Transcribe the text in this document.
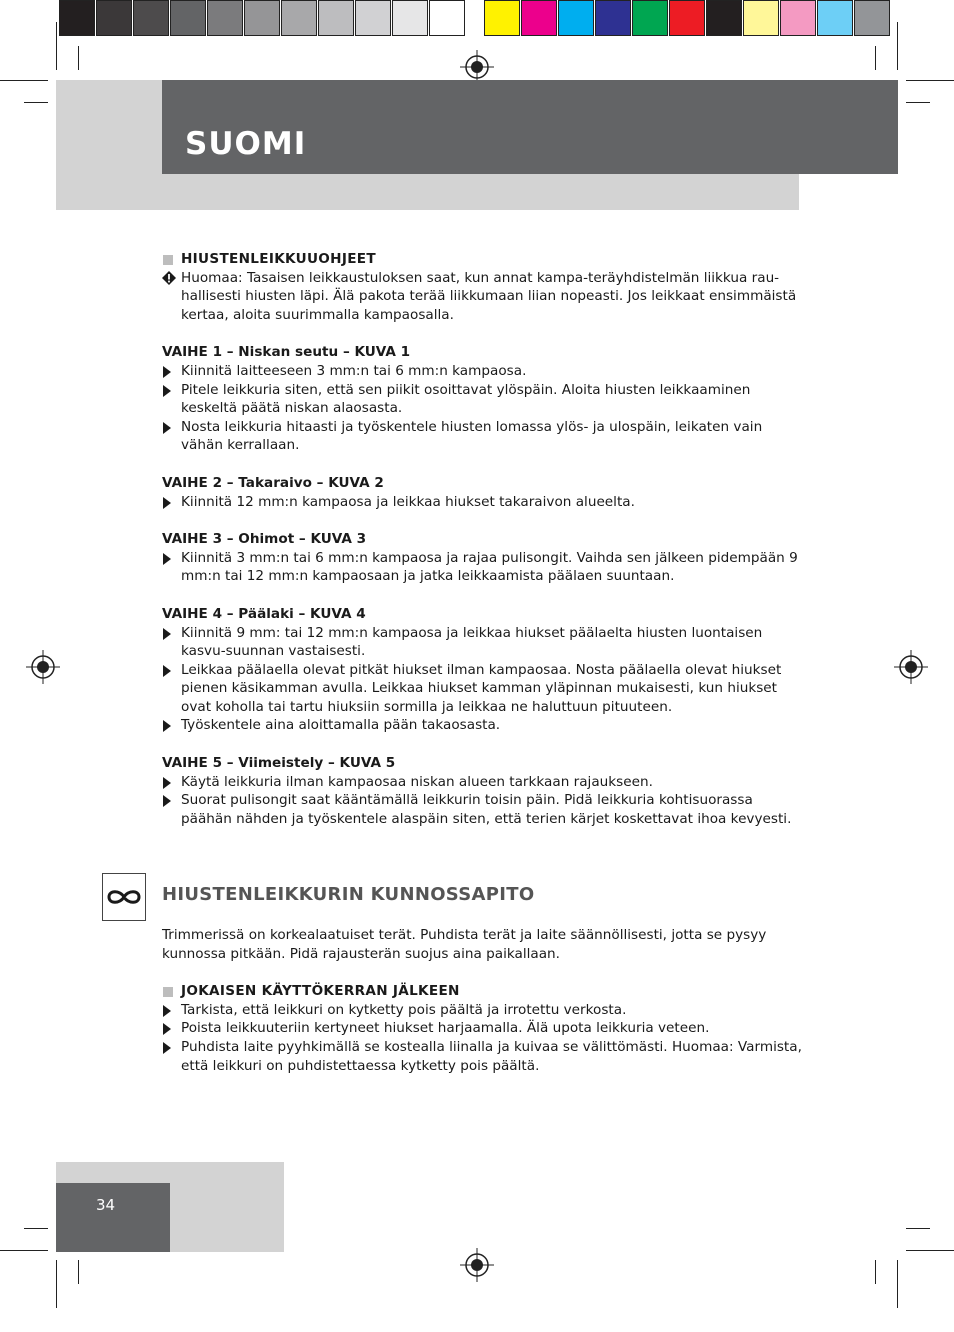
SUOMI
HIUSTENLEIKKUUOHJEET
Huomaa: Tasaisen leikkaustuloksen saat, kun annat kampa-teräyhdistelmän liikkua rau-hallisesti hiusten läpi. Älä pakota terää liikkumaan liian nopeasti. Jos leikkaat ensimmäistä kertaa, aloita suurimmalla kampaosalla.
VAIHE 1 – Niskan seutu – KUVA 1
Kiinnitä laitteeseen 3 mm:n tai 6 mm:n kampaosa.
Pitele leikkuria siten, että sen piikit osoittavat ylöspäin. Aloita hiusten leikkaaminen keskeltä päätä niskan alaosasta.
Nosta leikkuria hitaasti ja työskentele hiusten lomassa ylös- ja ulospäin, leikaten vain vähän kerrallaan.
VAIHE 2 – Takaraivo – KUVA 2
Kiinnitä 12 mm:n kampaosa ja leikkaa hiukset takaraivon alueelta.
VAIHE 3 – Ohimot – KUVA 3
Kiinnitä 3 mm:n tai 6 mm:n kampaosa ja rajaa pulisongit. Vaihda sen jälkeen pidempään 9 mm:n tai 12 mm:n kampaosaan ja jatka leikkaamista päälaen suuntaan.
VAIHE 4 – Päälaki – KUVA 4
Kiinnitä 9 mm: tai 12 mm:n kampaosa ja leikkaa hiukset päälaelta hiusten luontaisen kasvu-suunnan vastaisesti.
Leikkaa päälaella olevat pitkät hiukset ilman kampaosaa. Nosta päälaella olevat hiukset pienen käsikamman avulla. Leikkaa hiukset kamman yläpinnan mukaisesti, kun hiukset ovat koholla tai tartu hiuksiin sormilla ja leikkaa ne haluttuun pituuteen.
Työskentele aina aloittamalla pään takaosasta.
VAIHE 5 – Viimeistely – KUVA 5
Käytä leikkuria ilman kampaosaa niskan alueen tarkkaan rajaukseen.
Suorat pulisongit saat kääntämällä leikkurin toisin päin. Pidä leikkuria kohtisuorassa päähän nähden ja työskentele alaspäin siten, että terien kärjet koskettavat ihoa kevyesti.
HIUSTENLEIKKURIN KUNNOSSAPITO
Trimmerissä on korkealaatuiset terät. Puhdista terät ja laite säännöllisesti, jotta se pysyy kunnossa pitkään. Pidä rajausterän suojus aina paikallaan.
JOKAISEN KÄYTTÖKERRAN JÄLKEEN
Tarkista, että leikkuri on kytketty pois päältä ja irrotettu verkosta.
Poista leikkuuteriin kertyneet hiukset harjaamalla. Älä upota leikkuria veteen.
Puhdista laite pyyhkimällä se kostealla liinalla ja kuivaa se välittömästi. Huomaa: Varmista, että leikkuri on puhdistettaessa kytketty pois päältä.
34
